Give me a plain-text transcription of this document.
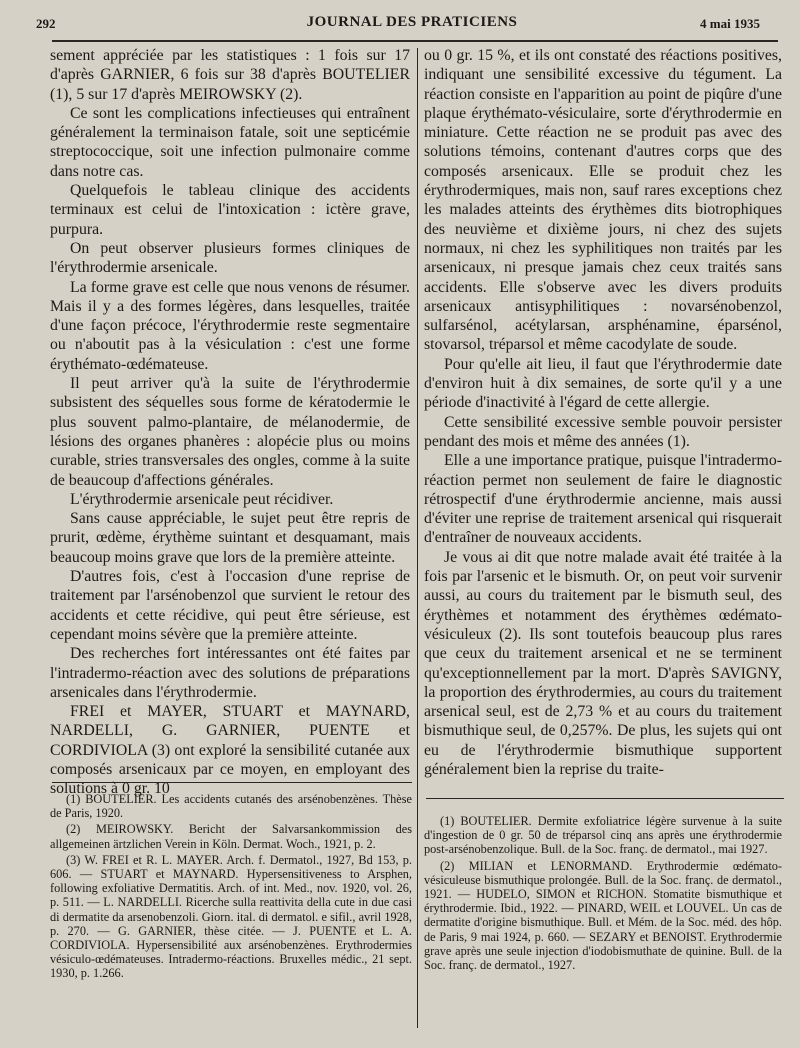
292	JOURNAL DES PRATICIENS	4 mai 1935

sement appréciée par les statistiques : 1 fois sur 17 d'après GARNIER, 6 fois sur 38 d'après BOUTELIER (1), 5 sur 17 d'après MEIROWSKY (2).

Ce sont les complications infectieuses qui entraînent généralement la terminaison fatale, soit une septicémie streptococcique, soit une infection pulmonaire comme dans notre cas.

Quelquefois le tableau clinique des accidents terminaux est celui de l'intoxication : ictère grave, purpura.

On peut observer plusieurs formes cliniques de l'érythrodermie arsenicale.

La forme grave est celle que nous venons de résumer. Mais il y a des formes légères, dans lesquelles, traitée d'une façon précoce, l'érythrodermie reste segmentaire ou n'aboutit pas à la vésiculation : c'est une forme érythémato-œdémateuse.

Il peut arriver qu'à la suite de l'érythrodermie subsistent des séquelles sous forme de kératodermie le plus souvent palmo-plantaire, de mélanodermie, de lésions des organes phanères : alopécie plus ou moins curable, stries transversales des ongles, comme à la suite de beaucoup d'affections générales.

L'érythrodermie arsenicale peut récidiver.

Sans cause appréciable, le sujet peut être repris de prurit, œdème, érythème suintant et desquamant, mais beaucoup moins grave que lors de la première atteinte.

D'autres fois, c'est à l'occasion d'une reprise de traitement par l'arsénobenzol que survient le retour des accidents et cette récidive, qui peut être sérieuse, est cependant moins sévère que la première atteinte.

Des recherches fort intéressantes ont été faites par l'intradermo-réaction avec des solutions de préparations arsenicales dans l'érythrodermie.

FREI et MAYER, STUART et MAYNARD, NARDELLI, G. GARNIER, PUENTE et CORDIVIOLA (3) ont exploré la sensibilité cutanée aux composés arsenicaux par ce moyen, en employant des solutions à 0 gr. 10

ou 0 gr. 15 %, et ils ont constaté des réactions positives, indiquant une sensibilité excessive du tégument. La réaction consiste en l'apparition au point de piqûre d'une plaque érythémato-vésiculaire, sorte d'érythrodermie en miniature. Cette réaction ne se produit pas avec des solutions témoins, contenant d'autres corps que des composés arsenicaux. Elle se produit chez les érythrodermiques, mais non, sauf rares exceptions chez les malades atteints des érythèmes dits biotrophiques des neuvième et dixième jours, ni chez des sujets normaux, ni chez les syphilitiques non traités par les arsenicaux, ni presque jamais chez ceux traités sans accidents. Elle s'observe avec les divers produits arsenicaux antisyphilitiques : novarsénobenzol, sulfarsénol, acétylarsan, arsphénamine, éparsénol, stovarsol, tréparsol et même cacodylate de soude.

Pour qu'elle ait lieu, il faut que l'érythrodermie date d'environ huit à dix semaines, de sorte qu'il y a une période d'inactivité à l'égard de cette allergie.

Cette sensibilité excessive semble pouvoir persister pendant des mois et même des années (1).

Elle a une importance pratique, puisque l'intradermo-réaction permet non seulement de faire le diagnostic rétrospectif d'une érythrodermie ancienne, mais aussi d'éviter une reprise de traitement arsenical qui risquerait d'entraîner de nouveaux accidents.

Je vous ai dit que notre malade avait été traitée à la fois par l'arsenic et le bismuth. Or, on peut voir survenir aussi, au cours du traitement par le bismuth seul, des érythèmes et notamment des érythèmes œdémato-vésiculeux (2). Ils sont toutefois beaucoup plus rares que ceux du traitement arsenical et ne se terminent qu'exceptionnellement par la mort. D'après SAVIGNY, la proportion des érythrodermies, au cours du traitement arsenical seul, est de 2,73 % et au cours du traitement bismuthique seul, de 0,257%. De plus, les sujets qui ont eu de l'érythrodermie bismuthique supportent généralement bien la reprise du traite-

(1) BOUTELIER. Les accidents cutanés des arsénobenzènes. Thèse de Paris, 1920.

(2) MEIROWSKY. Bericht der Salvarsankommission des allgemeinen ärtzlichen Verein in Köln. Dermat. Woch., 1921, p. 2.

(3) W. FREI et R. L. MAYER. Arch. f. Dermatol., 1927, Bd 153, p. 606. — STUART et MAYNARD. Hypersensitiveness to Arsphen, following exfoliative Dermatitis. Arch. of int. Med., nov. 1920, vol. 26, p. 511. — L. NARDELLI. Ricerche sulla reattivita della cute in due casi di dermatite da arsenobenzoli. Giorn. ital. di dermatol. e sifil., avril 1928, p. 270. — G. GARNIER, thèse citée. — J. PUENTE et L. A. CORDIVIOLA. Hypersensibilité aux arsénobenzènes. Erythrodermies vésiculo-œdémateuses. Intradermo-réactions. Bruxelles médic., 21 sept. 1930, p. 1.266.

(1) BOUTELIER. Dermite exfoliatrice légère survenue à la suite d'ingestion de 0 gr. 50 de tréparsol cinq ans après une érythrodermie post-arsénobenzolique. Bull. de la Soc. franç. de dermatol., mai 1927.

(2) MILIAN et LENORMAND. Erythrodermie œdémato-vésiculeuse bismuthique prolongée. Bull. de la Soc. franç. de dermatol., 1921. — HUDELO, SIMON et RICHON. Stomatite bismuthique et érythrodermie. Ibid., 1922. — PINARD, WEIL et LOUVEL. Un cas de dermatite d'origine bismuthique. Bull. et Mém. de la Soc. méd. des hôp. de Paris, 9 mai 1924, p. 660. — SEZARY et BENOIST. Erythrodermie grave après une seule injection d'iodobismuthate de quinine. Bull. de la Soc. franç. de dermatol., 1927.
